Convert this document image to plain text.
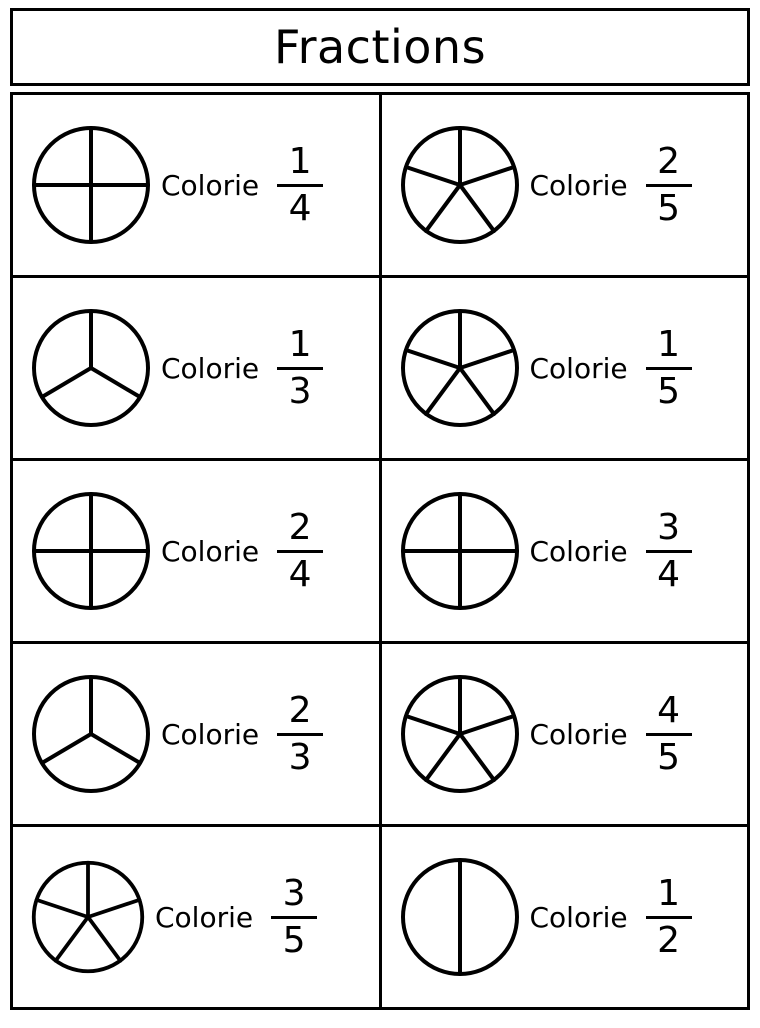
Fractions
Colorie $\frac{1}{4}$	Colorie $\frac{2}{5}$
Colorie $\frac{1}{3}$	Colorie $\frac{1}{5}$
Colorie $\frac{2}{4}$	Colorie $\frac{3}{4}$
Colorie $\frac{2}{3}$	Colorie $\frac{4}{5}$
Colorie $\frac{3}{5}$	Colorie $\frac{1}{2}$
